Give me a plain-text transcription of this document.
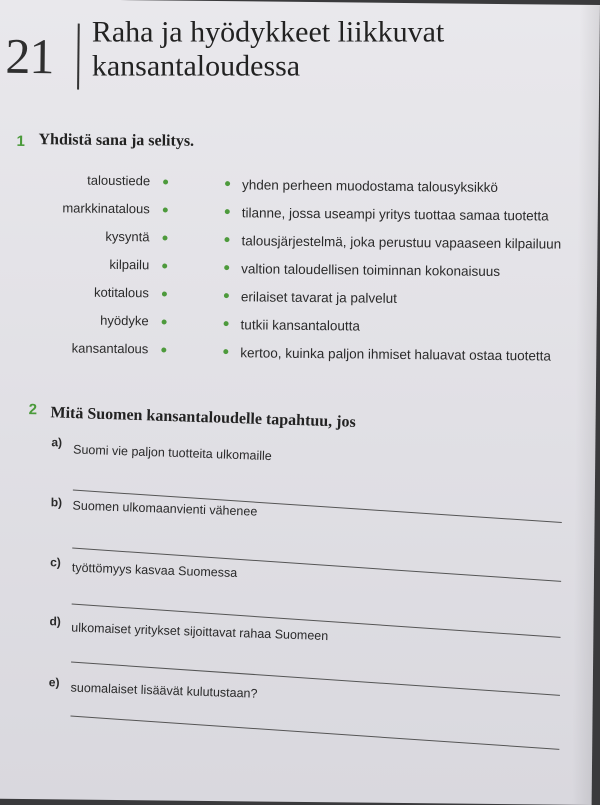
21 Raha ja hyödykkeet liikkuvat
kansantaloudessa
1 Yhdistä sana ja selitys.
taloustiede
markkinatalous
kysyntä
kilpailu
kotitalous
hyödyke
kansantalous
yhden perheen muodostama talousyksikkö
tilanne, jossa useampi yritys tuottaa samaa tuotetta
talousjärjestelmä, joka perustuu vapaaseen kilpailuun
valtion taloudellisen toiminnan kokonaisuus
erilaiset tavarat ja palvelut
tutkii kansantaloutta
kertoo, kuinka paljon ihmiset haluavat ostaa tuotetta
2 Mitä Suomen kansantaloudelle tapahtuu, jos
a)
Suomi vie paljon tuotteita ulkomaille
b) Suomen ulkomaanvienti vähenee
c) työttömyys kasvaa Suomessa
d) ulkomaiset yritykset sijoittavat rahaa Suomeen
e) suomalaiset lisäävät kulutustaan?
